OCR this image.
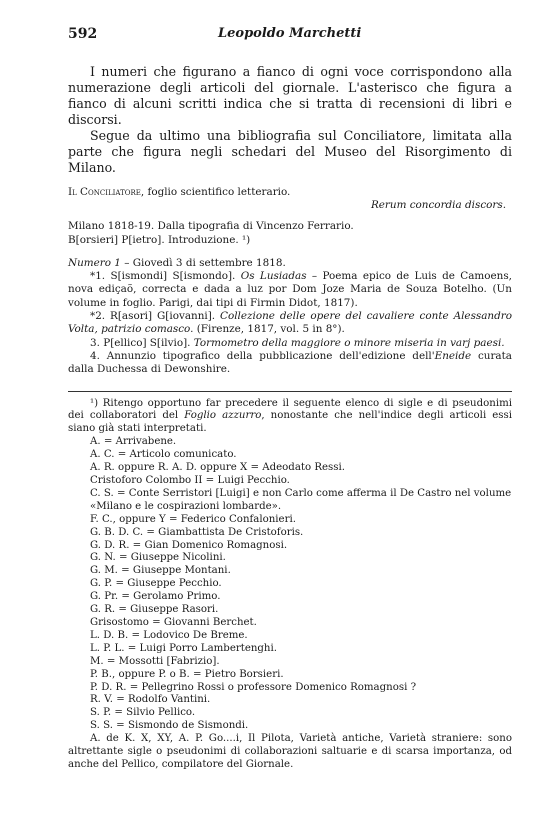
592	Leopoldo Marchetti

I numeri che figurano a fianco di ogni voce corrispondono alla numerazione degli articoli del giornale. L'asterisco che figura a fianco di alcuni scritti indica che si tratta di recensioni di libri e discorsi.

Segue da ultimo una bibliografia sul Conciliatore, limitata alla parte che figura negli schedari del Museo del Risorgimento di Milano.

Il Conciliatore, foglio scientifico letterario.

Rerum concordia discors.

Milano 1818-19. Dalla tipografia di Vincenzo Ferrario.

B[orsieri] P[ietro]. Introduzione. ¹)

Numero 1 – Giovedì 3 di settembre 1818.

*1. S[ismondi] S[ismondo]. Os Lusiadas – Poema epico de Luis de Camoens, nova ediçaõ, correcta e dada a luz por Dom Joze Maria de Souza Botelho. (Un volume in foglio. Parigi, dai tipi di Firmin Didot, 1817).

*2. R[asori] G[iovanni]. Collezione delle opere del cavaliere conte Alessandro Volta, patrizio comasco. (Firenze, 1817, vol. 5 in 8°).

3. P[ellico] S[ilvio]. Tormometro della maggiore o minore miseria in varj paesi.

4. Annunzio tipografico della pubblicazione dell'edizione dell'Eneide curata dalla Duchessa di Dewonshire.

¹) Ritengo opportuno far precedere il seguente elenco di sigle e di pseudonimi dei collaboratori del Foglio azzurro, nonostante che nell'indice degli articoli essi siano già stati interpretati.

A. = Arrivabene.

A. C. = Articolo comunicato.

A. R. oppure R. A. D. oppure X = Adeodato Ressi.

Cristoforo Colombo II = Luigi Pecchio.

C. S. = Conte Serristori [Luigi] e non Carlo come afferma il De Castro nel volume «Milano e le cospirazioni lombarde».

F. C., oppure Y = Federico Confalonieri.

G. B. D. C. = Giambattista De Cristoforis.

G. D. R. = Gian Domenico Romagnosi.

G. N. = Giuseppe Nicolini.

G. M. = Giuseppe Montani.

G. P. = Giuseppe Pecchio.

G. Pr. = Gerolamo Primo.

G. R. = Giuseppe Rasori.

Grisostomo = Giovanni Berchet.

L. D. B. = Lodovico De Breme.

L. P. L. = Luigi Porro Lambertenghi.

M. = Mossotti [Fabrizio].

P. B., oppure P. o B. = Pietro Borsieri.

P. D. R. = Pellegrino Rossi o professore Domenico Romagnosi ?

R. V. = Rodolfo Vantini.

S. P. = Silvio Pellico.

S. S. = Sismondo de Sismondi.

A. de K. X, XY, A. P. Go....i, Il Pilota, Varietà antiche, Varietà straniere: sono altrettante sigle o pseudonimi di collaborazioni saltuarie e di scarsa importanza, od anche del Pellico, compilatore del Giornale.
